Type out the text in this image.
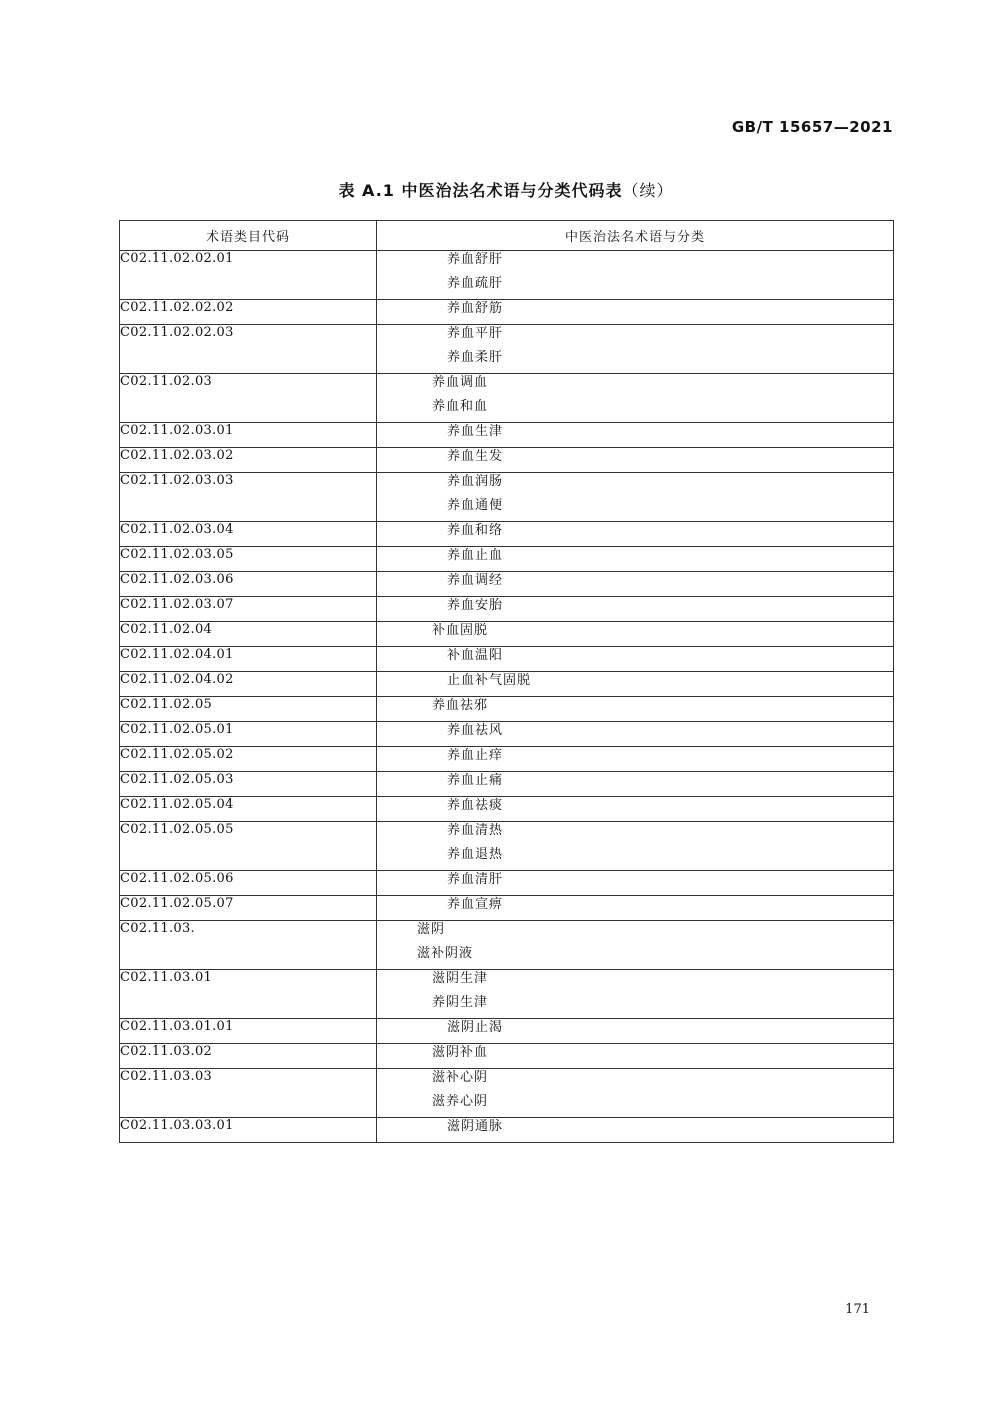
GB/T 15657—2021
表 A.1 中医治法名术语与分类代码表（续）
术语类目代码	中医治法名术语与分类
C02.11.02.02.01	养血舒肝
养血疏肝

C02.11.02.02.02	养血舒筋

C02.11.02.02.03	养血平肝
养血柔肝

C02.11.02.03	养血调血
养血和血

C02.11.02.03.01	养血生津

C02.11.02.03.02	养血生发

C02.11.02.03.03	养血润肠
养血通便

C02.11.02.03.04	养血和络

C02.11.02.03.05	养血止血

C02.11.02.03.06	养血调经

C02.11.02.03.07	养血安胎

C02.11.02.04	补血固脱

C02.11.02.04.01	补血温阳

C02.11.02.04.02	止血补气固脱

C02.11.02.05	养血祛邪

C02.11.02.05.01	养血祛风

C02.11.02.05.02	养血止痒

C02.11.02.05.03	养血止痛

C02.11.02.05.04	养血祛痰

C02.11.02.05.05	养血清热
养血退热

C02.11.02.05.06	养血清肝

C02.11.02.05.07	养血宣痹

C02.11.03.	滋阴
滋补阴液

C02.11.03.01	滋阴生津
养阴生津

C02.11.03.01.01	滋阴止渴

C02.11.03.02	滋阴补血

C02.11.03.03	滋补心阴
滋养心阴

C02.11.03.03.01	滋阴通脉
171
